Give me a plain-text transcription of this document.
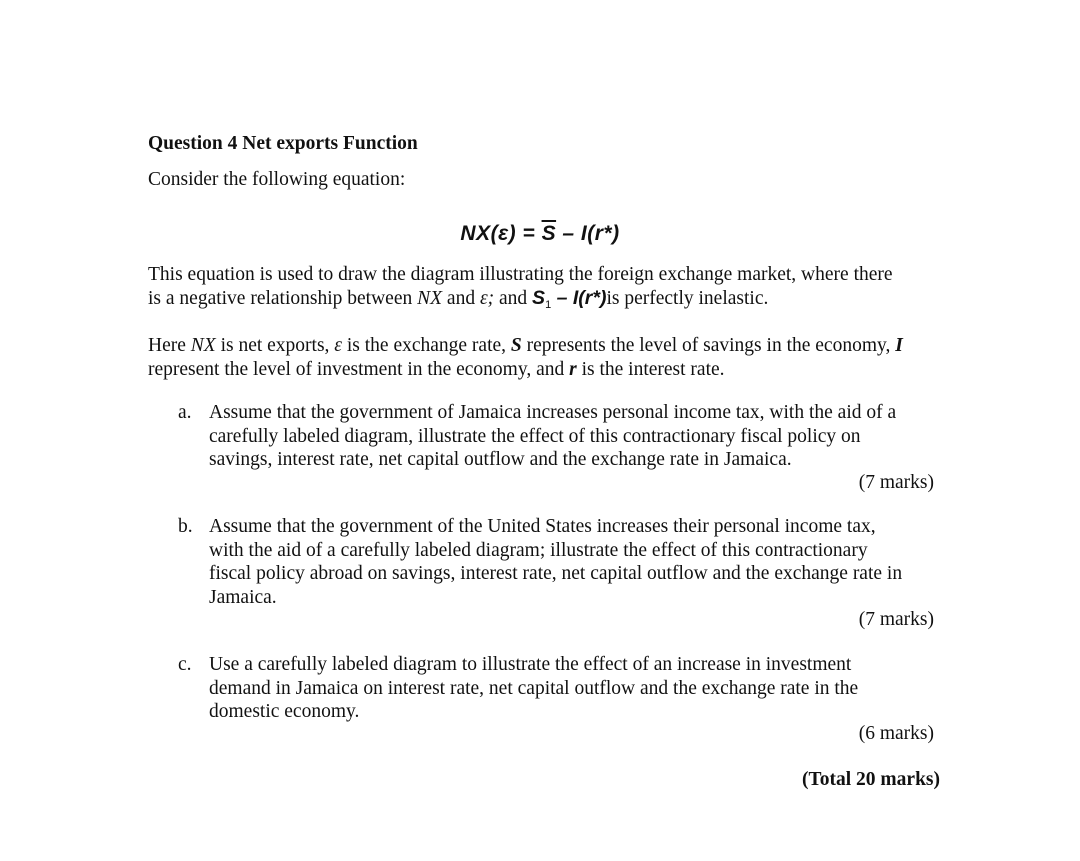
Question 4 Net exports Function
Consider the following equation:
$NX(\varepsilon) = \overline{S} - I(r*)$
This equation is used to draw the diagram illustrating the foreign exchange market, where there
is a negative relationship between NX and ε; and $S_1 - I(r*)is$ perfectly inelastic.
Here NX is net exports, ε is the exchange rate, S represents the level of savings in the economy, I
represent the level of investment in the economy, and r is the interest rate.
a. Assume that the government of Jamaica increases personal income tax, with the aid of a
carefully labeled diagram, illustrate the effect of this contractionary fiscal policy on
savings, interest rate, net capital outflow and the exchange rate in Jamaica.
(7 marks)
b. Assume that the government of the United States increases their personal income tax,
with the aid of a carefully labeled diagram; illustrate the effect of this contractionary
fiscal policy abroad on savings, interest rate, net capital outflow and the exchange rate in
Jamaica.
(7 marks)
c. Use a carefully labeled diagram to illustrate the effect of an increase in investment
demand in Jamaica on interest rate, net capital outflow and the exchange rate in the
domestic economy.
(6 marks)
(Total 20 marks)
